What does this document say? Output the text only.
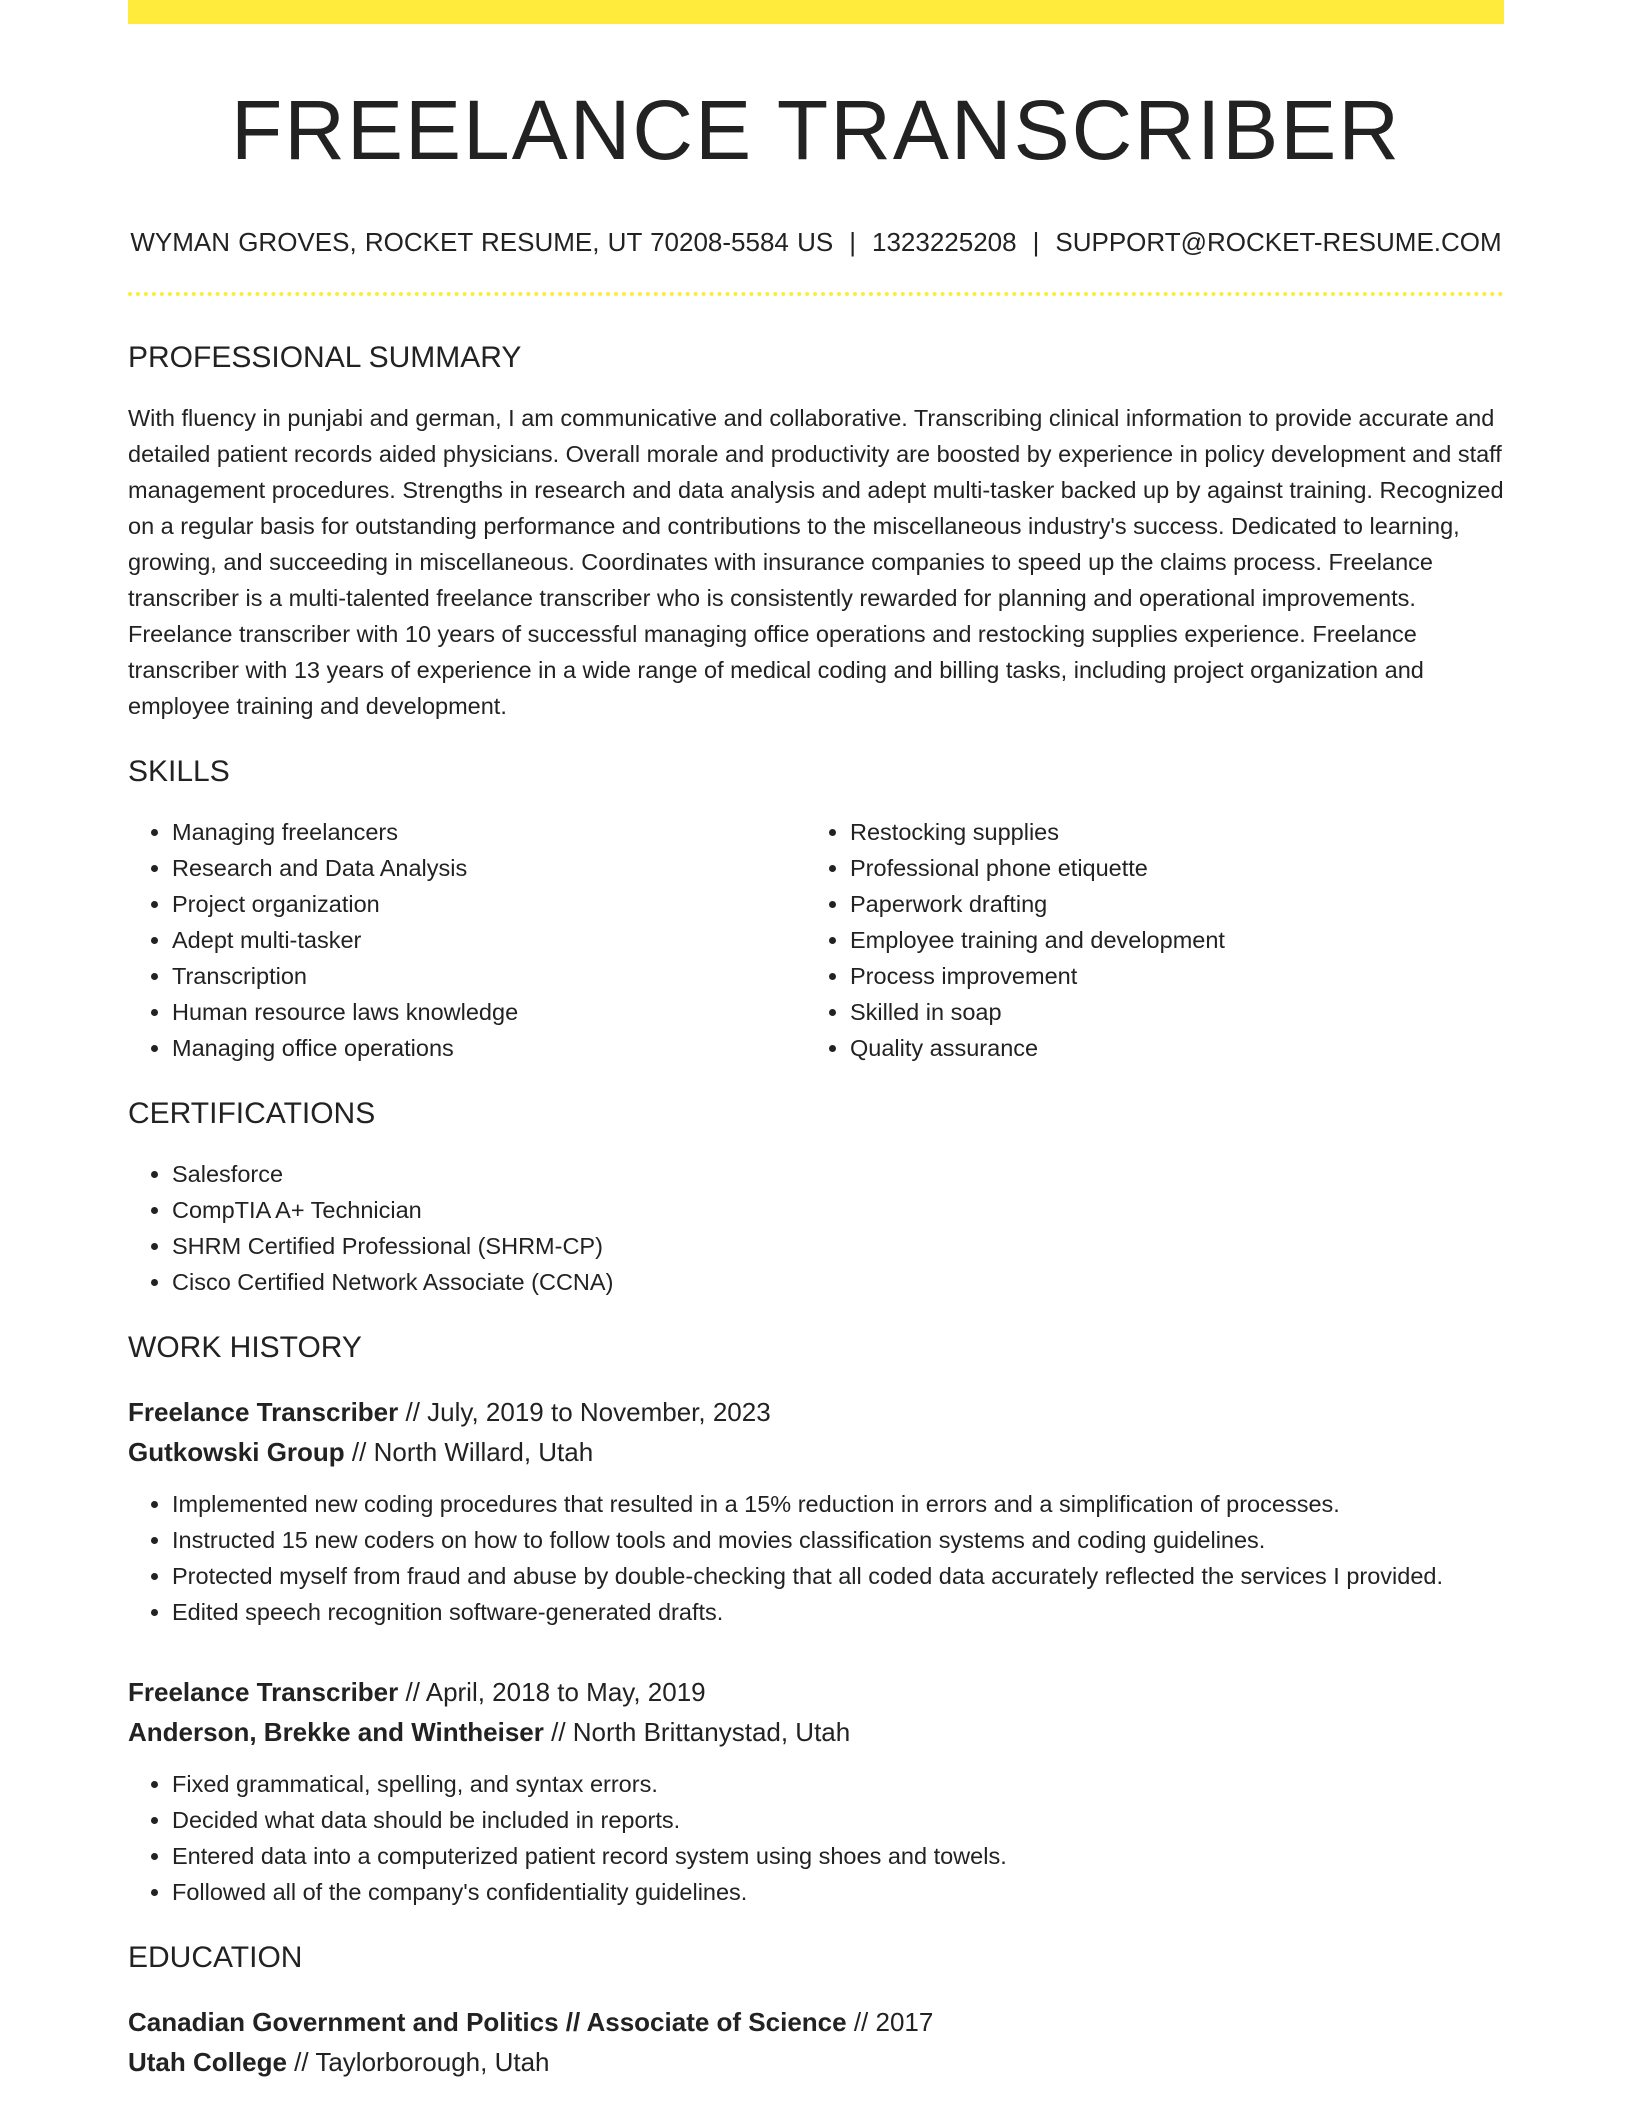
FREELANCE TRANSCRIBER
WYMAN GROVES, ROCKET RESUME, UT 70208-5584 US | 1323225208 | SUPPORT@ROCKET-RESUME.COM
PROFESSIONAL SUMMARY

With fluency in punjabi and german, I am communicative and collaborative. Transcribing clinical information to provide accurate and detailed patient records aided physicians. Overall morale and productivity are boosted by experience in policy development and staff management procedures. Strengths in research and data analysis and adept multi-tasker backed up by against training. Recognized on a regular basis for outstanding performance and contributions to the miscellaneous industry's success. Dedicated to learning, growing, and succeeding in miscellaneous. Coordinates with insurance companies to speed up the claims process. Freelance transcriber is a multi-talented freelance transcriber who is consistently rewarded for planning and operational improvements. Freelance transcriber with 10 years of successful managing office operations and restocking supplies experience. Freelance transcriber with 13 years of experience in a wide range of medical coding and billing tasks, including project organization and employee training and development.

SKILLS
• Managing freelancers
• Research and Data Analysis
• Project organization
• Adept multi-tasker
• Transcription
• Human resource laws knowledge
• Managing office operations
• Restocking supplies
• Professional phone etiquette
• Paperwork drafting
• Employee training and development
• Process improvement
• Skilled in soap
• Quality assurance
CERTIFICATIONS
• Salesforce
• CompTIA A+ Technician
• SHRM Certified Professional (SHRM-CP)
• Cisco Certified Network Associate (CCNA)
WORK HISTORY
Freelance Transcriber // July, 2019 to November, 2023
Gutkowski Group // North Willard, Utah
• Implemented new coding procedures that resulted in a 15% reduction in errors and a simplification of processes.
• Instructed 15 new coders on how to follow tools and movies classification systems and coding guidelines.
• Protected myself from fraud and abuse by double-checking that all coded data accurately reflected the services I provided.
• Edited speech recognition software-generated drafts.
Freelance Transcriber // April, 2018 to May, 2019
Anderson, Brekke and Wintheiser // North Brittanystad, Utah
• Fixed grammatical, spelling, and syntax errors.
• Decided what data should be included in reports.
• Entered data into a computerized patient record system using shoes and towels.
• Followed all of the company's confidentiality guidelines.
EDUCATION
Canadian Government and Politics // Associate of Science // 2017
Utah College // Taylorborough, Utah
